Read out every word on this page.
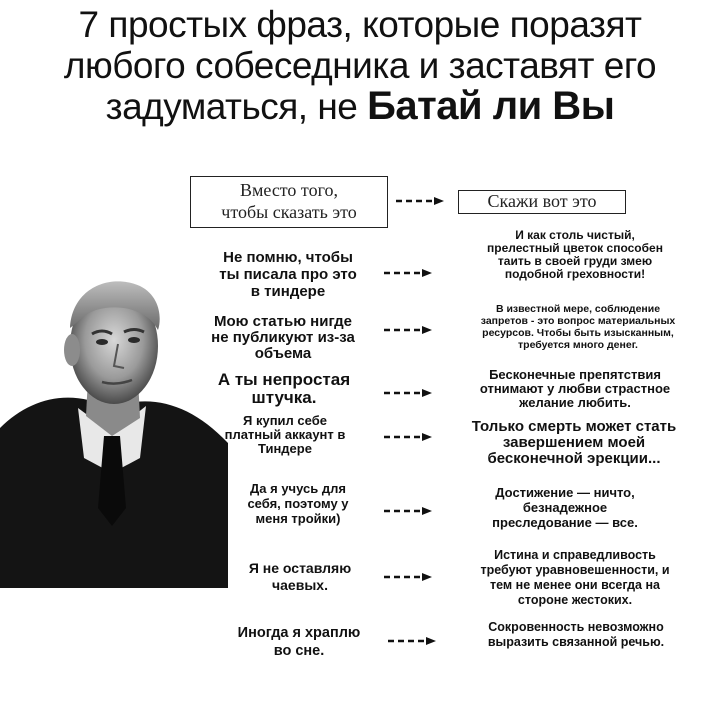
7 простых фраз, которые поразят
любого собеседника и заставят его
задуматься, не Батай ли Вы
Вместо того,
чтобы сказать это
Скажи вот это
Не помню, чтобы
ты писала про это
в тиндере
И как столь чистый,
прелестный цветок способен
таить в своей груди змею
подобной греховности!
Мою статью нигде
не публикуют из-за
объема
В известной мере, соблюдение
запретов - это вопрос материальных
ресурсов. Чтобы быть изысканным,
требуется много денег.
А ты непростая
штучка.
Бесконечные препятствия
отнимают у любви страстное
желание любить.
Я купил себе
платный аккаунт в
Тиндере
Только смерть может стать
завершением моей
бесконечной эрекции...
Да я учусь для
себя, поэтому у
меня тройки)
Достижение — ничто,
безнадежное
преследование — все.
Я не оставляю
чаевых.
Истина и справедливость
требуют уравновешенности, и
тем не менее они всегда на
стороне жестоких.
Иногда я храплю
во сне.
Сокровенность невозможно
выразить связанной речью.
